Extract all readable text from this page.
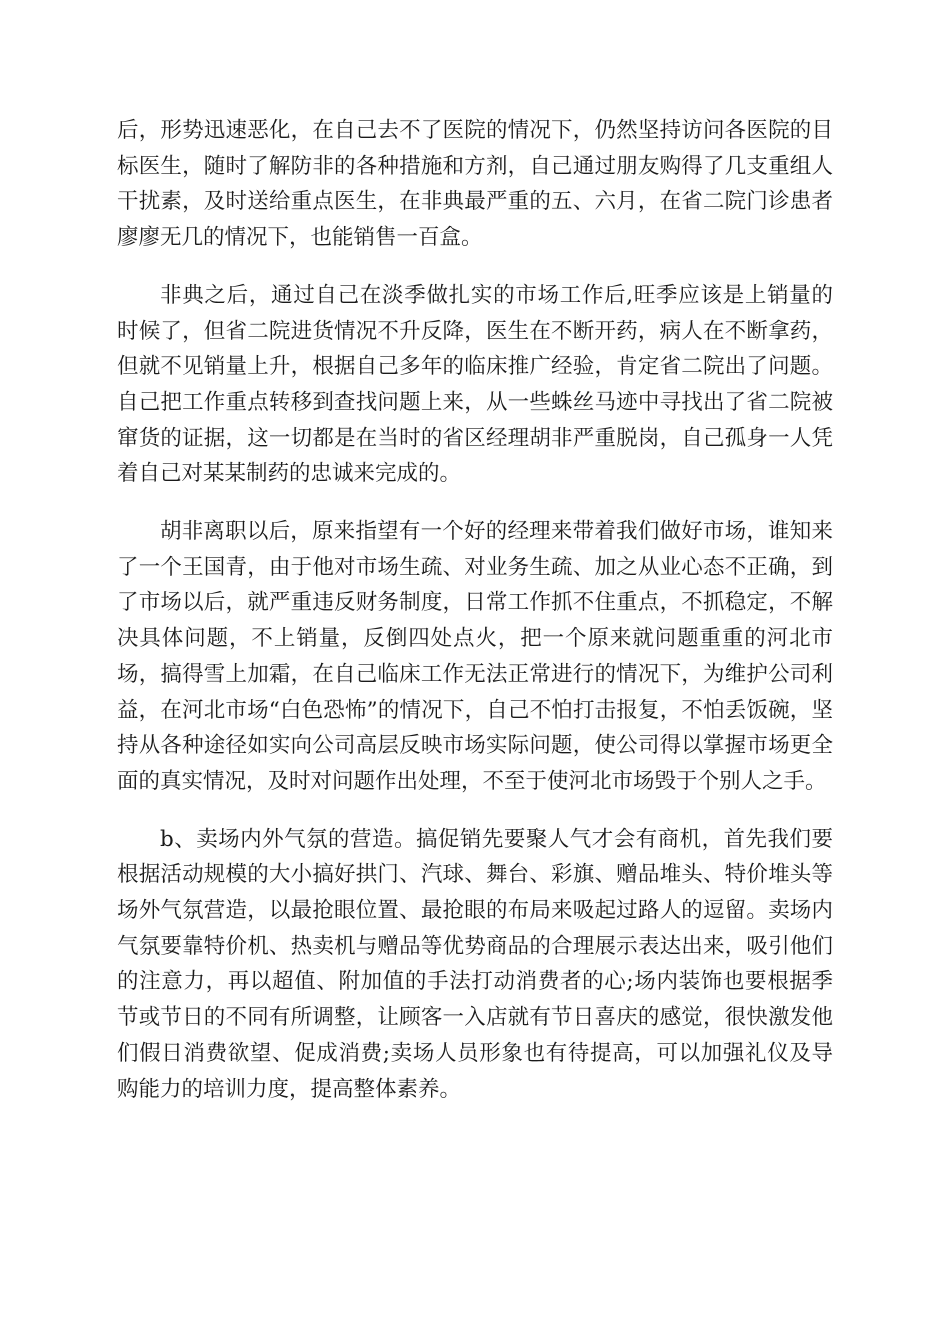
后，形势迅速恶化，在自己去不了医院的情况下，仍然坚持访问各医院的目标医生，随时了解防非的各种措施和方剂，自己通过朋友购得了几支重组人干扰素，及时送给重点医生，在非典最严重的五、六月，在省二院门诊患者廖廖无几的情况下，也能销售一百盒。

非典之后，通过自己在淡季做扎实的市场工作后,旺季应该是上销量的时候了，但省二院进货情况不升反降，医生在不断开药，病人在不断拿药，但就不见销量上升，根据自己多年的临床推广经验，肯定省二院出了问题。自己把工作重点转移到查找问题上来，从一些蛛丝马迹中寻找出了省二院被窜货的证据，这一切都是在当时的省区经理胡非严重脱岗，自己孤身一人凭着自己对某某制药的忠诚来完成的。

胡非离职以后，原来指望有一个好的经理来带着我们做好市场，谁知来了一个王国青，由于他对市场生疏、对业务生疏、加之从业心态不正确，到了市场以后，就严重违反财务制度，日常工作抓不住重点，不抓稳定，不解决具体问题，不上销量，反倒四处点火，把一个原来就问题重重的河北市场，搞得雪上加霜，在自己临床工作无法正常进行的情况下，为维护公司利益，在河北市场“白色恐怖”的情况下，自己不怕打击报复，不怕丢饭碗，坚持从各种途径如实向公司高层反映市场实际问题，使公司得以掌握市场更全面的真实情况，及时对问题作出处理，不至于使河北市场毁于个别人之手。

b、卖场内外气氛的营造。搞促销先要聚人气才会有商机，首先我们要根据活动规模的大小搞好拱门、汽球、舞台、彩旗、赠品堆头、特价堆头等场外气氛营造，以最抢眼位置、最抢眼的布局来吸起过路人的逗留。卖场内气氛要靠特价机、热卖机与赠品等优势商品的合理展示表达出来，吸引他们的注意力，再以超值、附加值的手法打动消费者的心;场内装饰也要根据季节或节日的不同有所调整，让顾客一入店就有节日喜庆的感觉，很快激发他们假日消费欲望、促成消费;卖场人员形象也有待提高，可以加强礼仪及导购能力的培训力度，提高整体素养。
